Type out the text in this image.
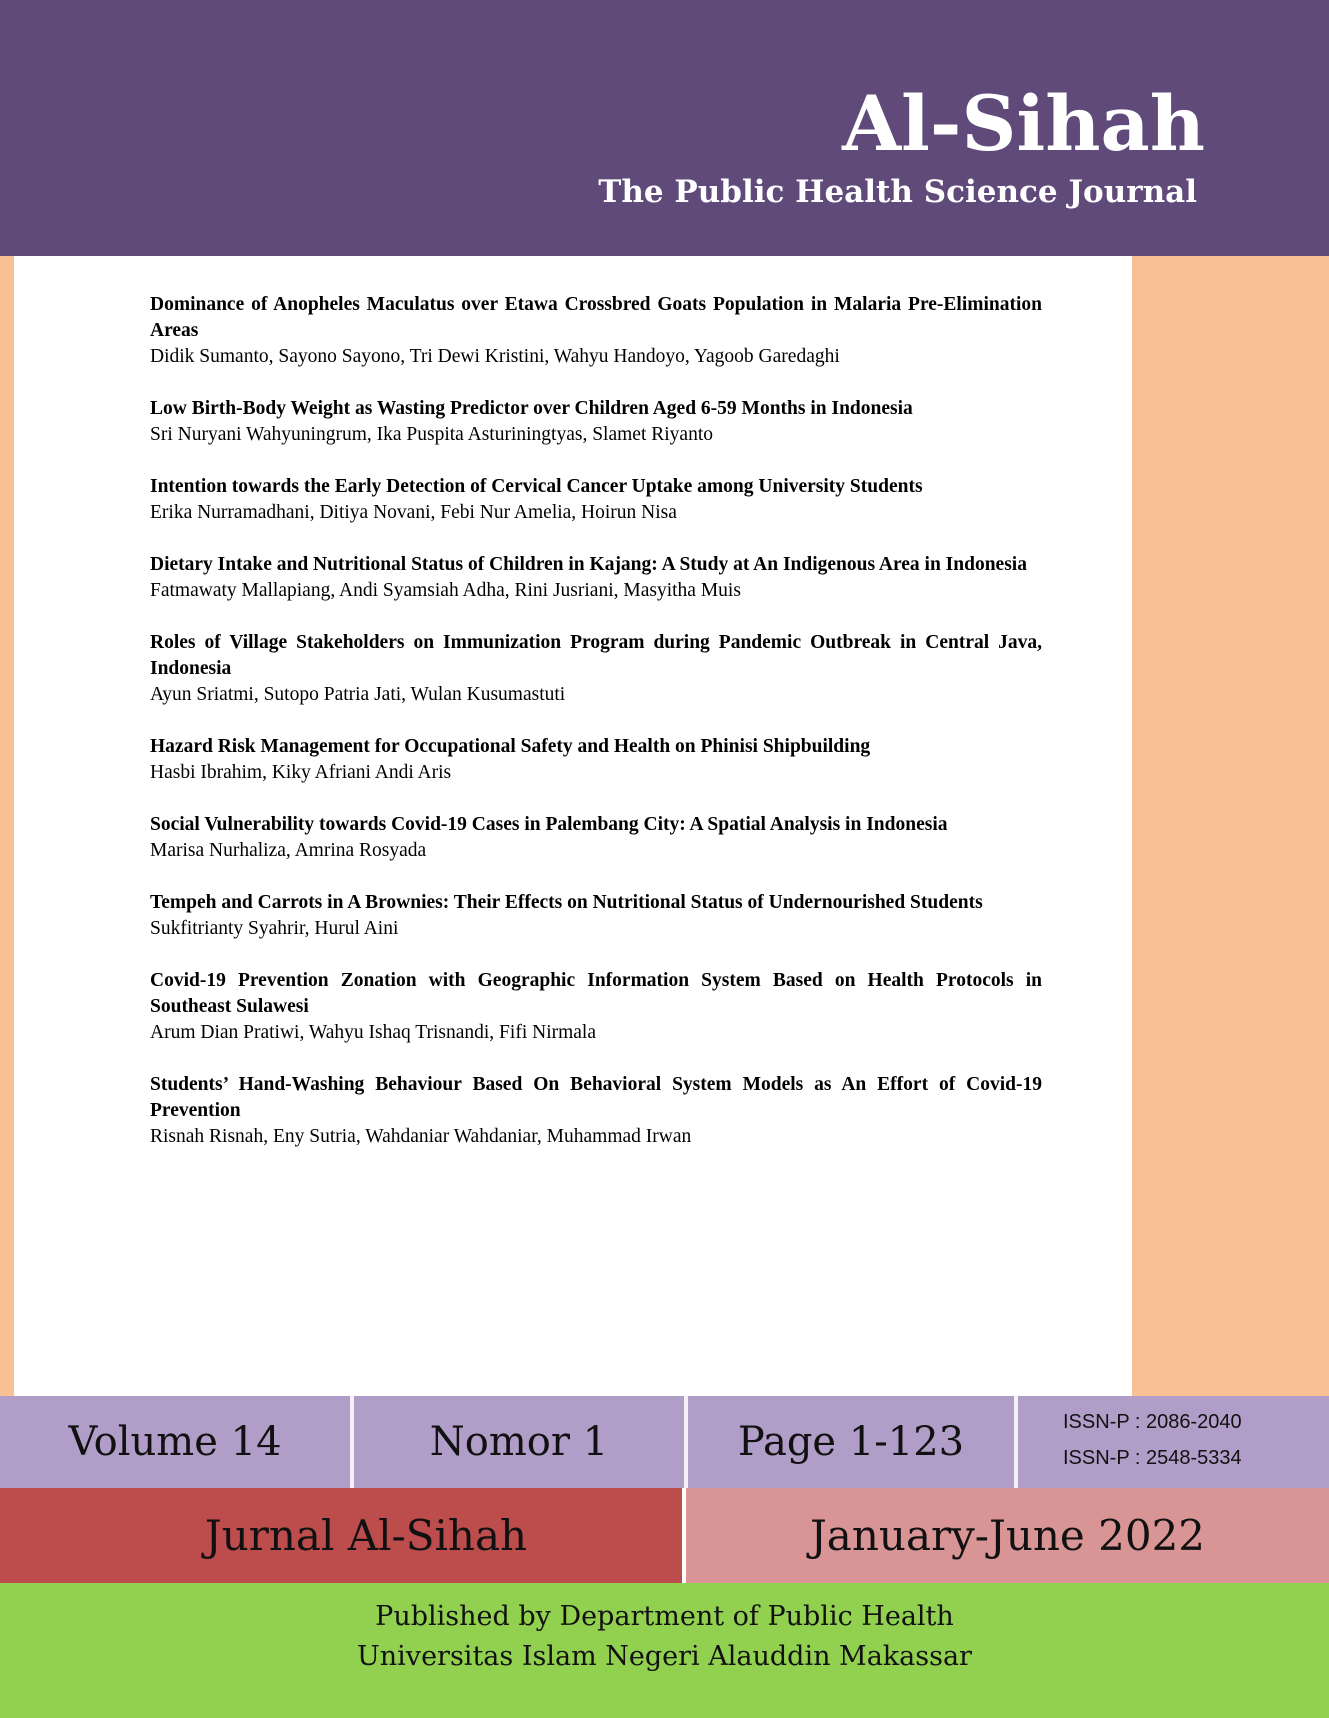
Al-Sihah
The Public Health Science Journal
Dominance of Anopheles Maculatus over Etawa Crossbred Goats Population in Malaria Pre-Elimination Areas
Didik Sumanto, Sayono Sayono, Tri Dewi Kristini, Wahyu Handoyo, Yagoob Garedaghi
Low Birth-Body Weight as Wasting Predictor over Children Aged 6-59 Months in Indonesia
Sri Nuryani Wahyuningrum, Ika Puspita Asturiningtyas, Slamet Riyanto
Intention towards the Early Detection of Cervical Cancer Uptake among University Students
Erika Nurramadhani, Ditiya Novani, Febi Nur Amelia, Hoirun Nisa
Dietary Intake and Nutritional Status of Children in Kajang: A Study at An Indigenous Area in Indonesia
Fatmawaty Mallapiang, Andi Syamsiah Adha, Rini Jusriani, Masyitha Muis
Roles of Village Stakeholders on Immunization Program during Pandemic Outbreak in Central Java, Indonesia
Ayun Sriatmi, Sutopo Patria Jati, Wulan Kusumastuti
Hazard Risk Management for Occupational Safety and Health on Phinisi Shipbuilding
Hasbi Ibrahim, Kiky Afriani Andi Aris
Social Vulnerability towards Covid-19 Cases in Palembang City: A Spatial Analysis in Indonesia
Marisa Nurhaliza, Amrina Rosyada
Tempeh and Carrots in A Brownies: Their Effects on Nutritional Status of Undernourished Students
Sukfitrianty Syahrir, Hurul Aini
Covid-19 Prevention Zonation with Geographic Information System Based on Health Protocols in Southeast Sulawesi
Arum Dian Pratiwi, Wahyu Ishaq Trisnandi, Fifi Nirmala
Students’ Hand-Washing Behaviour Based On Behavioral System Models as An Effort of Covid-19 Prevention
Risnah Risnah, Eny Sutria, Wahdaniar Wahdaniar, Muhammad Irwan
Volume 14	Nomor 1	Page 1-123	ISSN-P : 2086-2040
ISSN-P : 2548-5334
Jurnal Al-Sihah	January-June 2022
Published by Department of Public Health
Universitas Islam Negeri Alauddin Makassar
